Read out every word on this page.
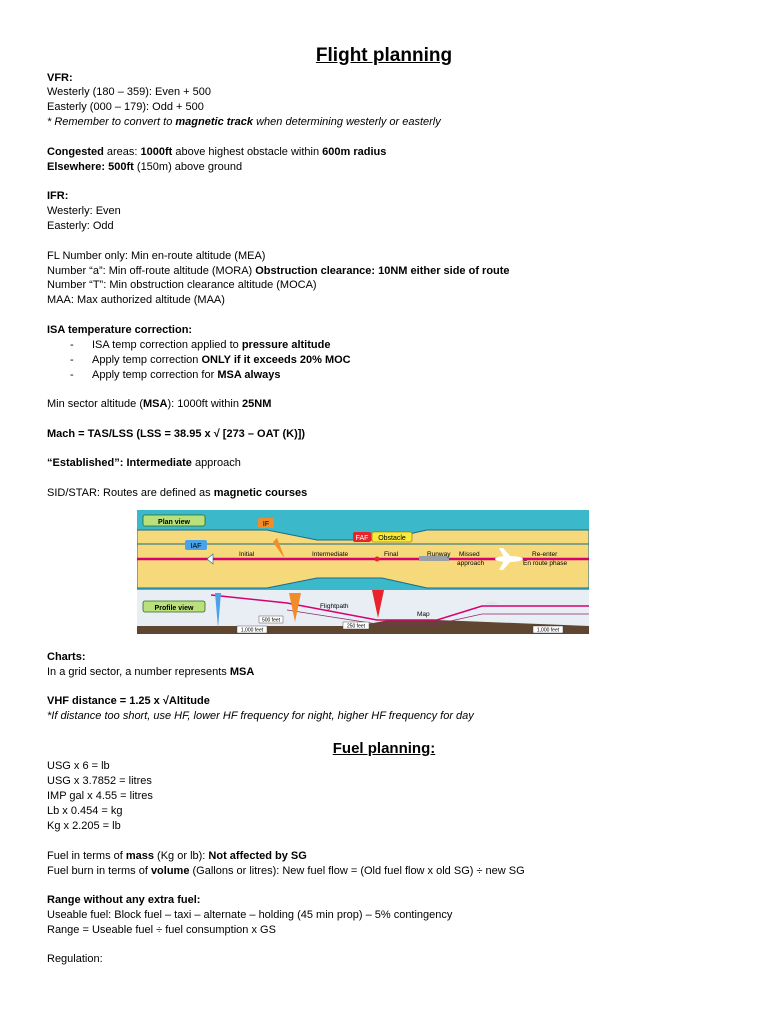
Flight planning
VFR:
Westerly (180 – 359): Even + 500
Easterly (000 – 179): Odd + 500
* Remember to convert to magnetic track when determining westerly or easterly
Congested areas: 1000ft above highest obstacle within 600m radius
Elsewhere: 500ft (150m) above ground
IFR:
Westerly: Even
Easterly: Odd
FL Number only: Min en-route altitude (MEA)
Number “a”: Min off-route altitude (MORA) Obstruction clearance: 10NM either side of route
Number “T”: Min obstruction clearance altitude (MOCA)
MAA: Max authorized altitude (MAA)
ISA temperature correction:
- ISA temp correction applied to pressure altitude
- Apply temp correction ONLY if it exceeds 20% MOC
- Apply temp correction for MSA always
Min sector altitude (MSA): 1000ft within 25NM
Mach = TAS/LSS (LSS = 38.95 x √ [273 – OAT (K)])
“Established”: Intermediate approach
SID/STAR: Routes are defined as magnetic courses
Plan view
IAF
IF
FAF Obstacle
Initial	Intermediate	Final	Runway Missed
approach
Re-enter
En route phase
Profile view	Flightpath
Map
500 feet
1,000 feet
250 feet
1,000 feet
Charts:
In a grid sector, a number represents MSA
VHF distance = 1.25 x √Altitude
*If distance too short, use HF, lower HF frequency for night, higher HF frequency for day
Fuel planning:
USG x 6 = lb
USG x 3.7852 = litres
IMP gal x 4.55 = litres
Lb x 0.454 = kg
Kg x 2.205 = lb
Fuel in terms of mass (Kg or lb): Not affected by SG
Fuel burn in terms of volume (Gallons or litres): New fuel flow = (Old fuel flow x old SG) ÷ new SG
Range without any extra fuel:
Useable fuel: Block fuel – taxi – alternate – holding (45 min prop) – 5% contingency
Range = Useable fuel ÷ fuel consumption x GS
Regulation:
